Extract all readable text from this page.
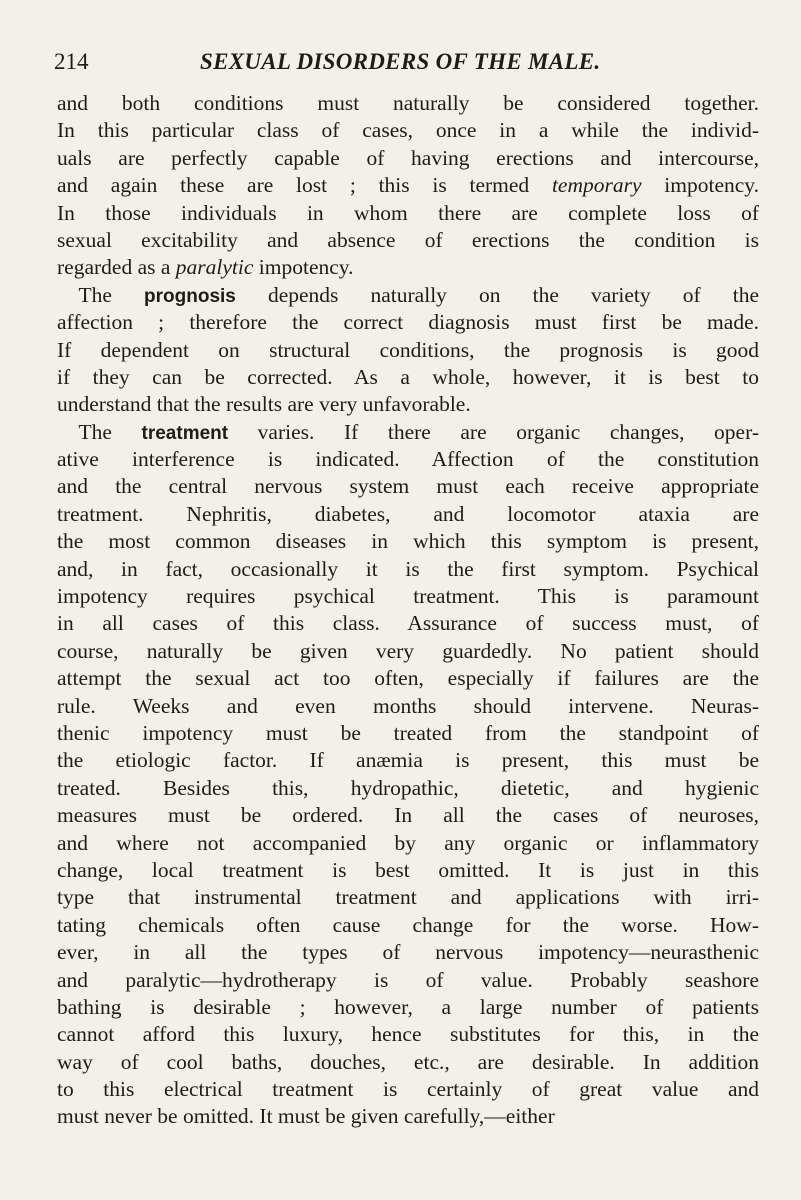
214	SEXUAL DISORDERS OF THE MALE.
and both conditions must naturally be considered together.
In this particular class of cases, once in a while the individ-
uals are perfectly capable of having erections and intercourse,
and again these are lost ; this is termed temporary impotency.
In those individuals in whom there are complete loss of
sexual excitability and absence of erections the condition is
regarded as a paralytic impotency.
 The prognosis depends naturally on the variety of the
affection ; therefore the correct diagnosis must first be made.
If dependent on structural conditions, the prognosis is good
if they can be corrected. As a whole, however, it is best to
understand that the results are very unfavorable.
 The treatment varies. If there are organic changes, oper-
ative interference is indicated. Affection of the constitution
and the central nervous system must each receive appropriate
treatment. Nephritis, diabetes, and locomotor ataxia are
the most common diseases in which this symptom is present,
and, in fact, occasionally it is the first symptom. Psychical
impotency requires psychical treatment. This is paramount
in all cases of this class. Assurance of success must, of
course, naturally be given very guardedly. No patient should
attempt the sexual act too often, especially if failures are the
rule. Weeks and even months should intervene. Neuras-
thenic impotency must be treated from the standpoint of
the etiologic factor. If anæmia is present, this must be
treated. Besides this, hydropathic, dietetic, and hygienic
measures must be ordered. In all the cases of neuroses,
and where not accompanied by any organic or inflammatory
change, local treatment is best omitted. It is just in this
type that instrumental treatment and applications with irri-
tating chemicals often cause change for the worse. How-
ever, in all the types of nervous impotency—neurasthenic
and paralytic—hydrotherapy is of value. Probably seashore
bathing is desirable ; however, a large number of patients
cannot afford this luxury, hence substitutes for this, in the
way of cool baths, douches, etc., are desirable. In addition
to this electrical treatment is certainly of great value and
must never be omitted. It must be given carefully,—either
